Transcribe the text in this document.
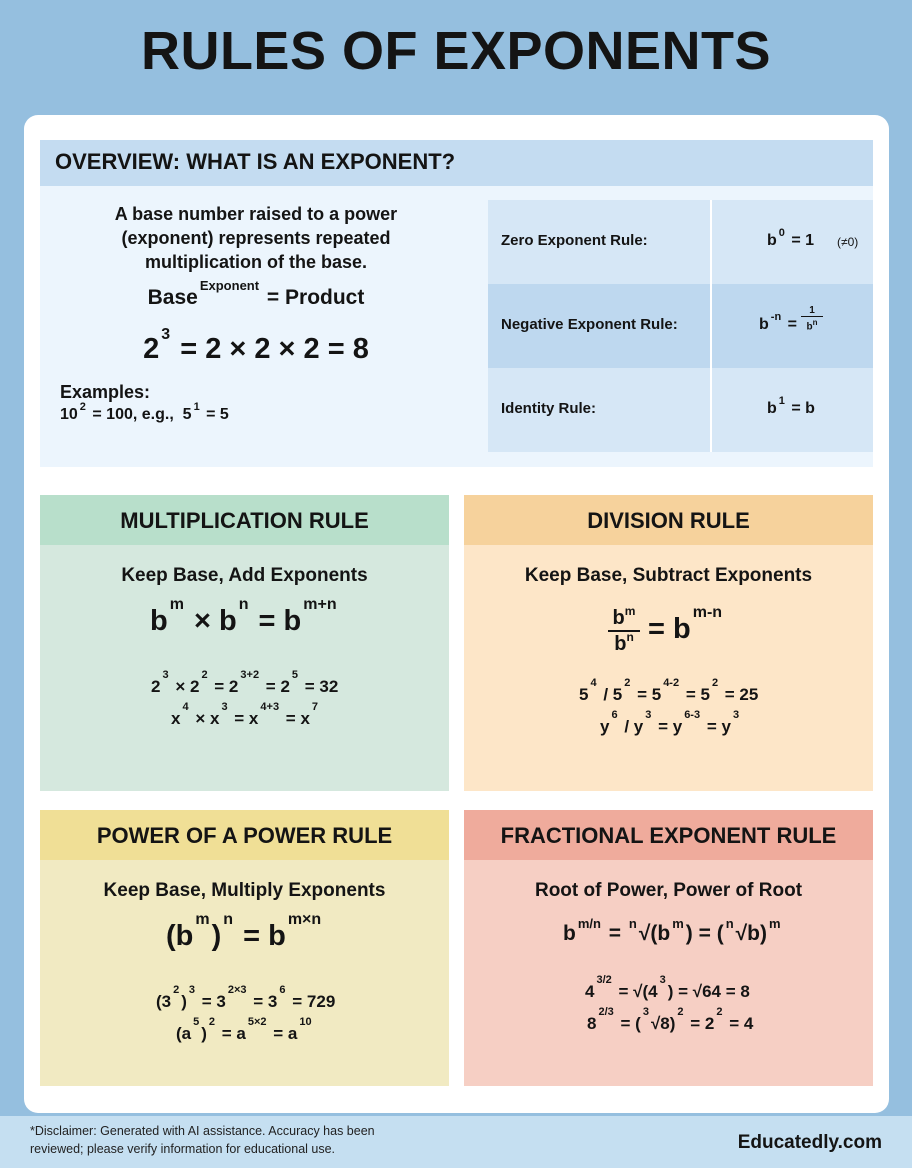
RULES OF EXPONENTS
OVERVIEW: WHAT IS AN EXPONENT?
A base number raised to a power (exponent) represents repeated multiplication of the base.
Base$^{Exponent}$ = Product
2 $^3$ = 2 × 2 × 2 = 8
Examples:
10 $^2$ = 100, e.g.,  5 $^1$ = 5
Zero Exponent Rule:	b $^0$ = 1 (≠0)
Negative Exponent Rule:	b $^{-n}$ =
1
$b^n$
Identity Rule:	b $^1$ = b
MULTIPLICATION RULE
Keep Base, Add Exponents
$b^m \times b^n = b^{m+n}$
$2^3 \times 2^2 = 2^{3+2} = 2^5 = 32$
$x^4 \times x^3 = x^{4+3} = x^7$
DIVISION RULE
Keep Base, Subtract Exponents
$b^m$
$b^n = b^{m-n}$
$5^4 / 5^2 = 5^{4-2} = 5^2 = 25$
$y^6 / y^3 = y^{6-3} = y^3$
POWER OF A POWER RULE
Keep Base, Multiply Exponents
$(b^m)^n = b^{m\times n}$
$(3^2)^3 = 3^{2\times 3} = 3^6 = 729$
$(a^5)^2 = a^{5\times 2} = a^{10}$
FRACTIONAL EXPONENT RULE
Root of Power, Power of Root
b $^{m/n}$ = $^n$√(b $^m$) = ( $^n$√b) $^m$
$4^{3/2} = √(4^3) = √64 = 8$
$8^{2/3} = (^3√8)^2 = 2^2 = 4$
*Disclaimer: Generated with AI assistance. Accuracy has been reviewed; please verify information for educational use.	Educatedly.com
